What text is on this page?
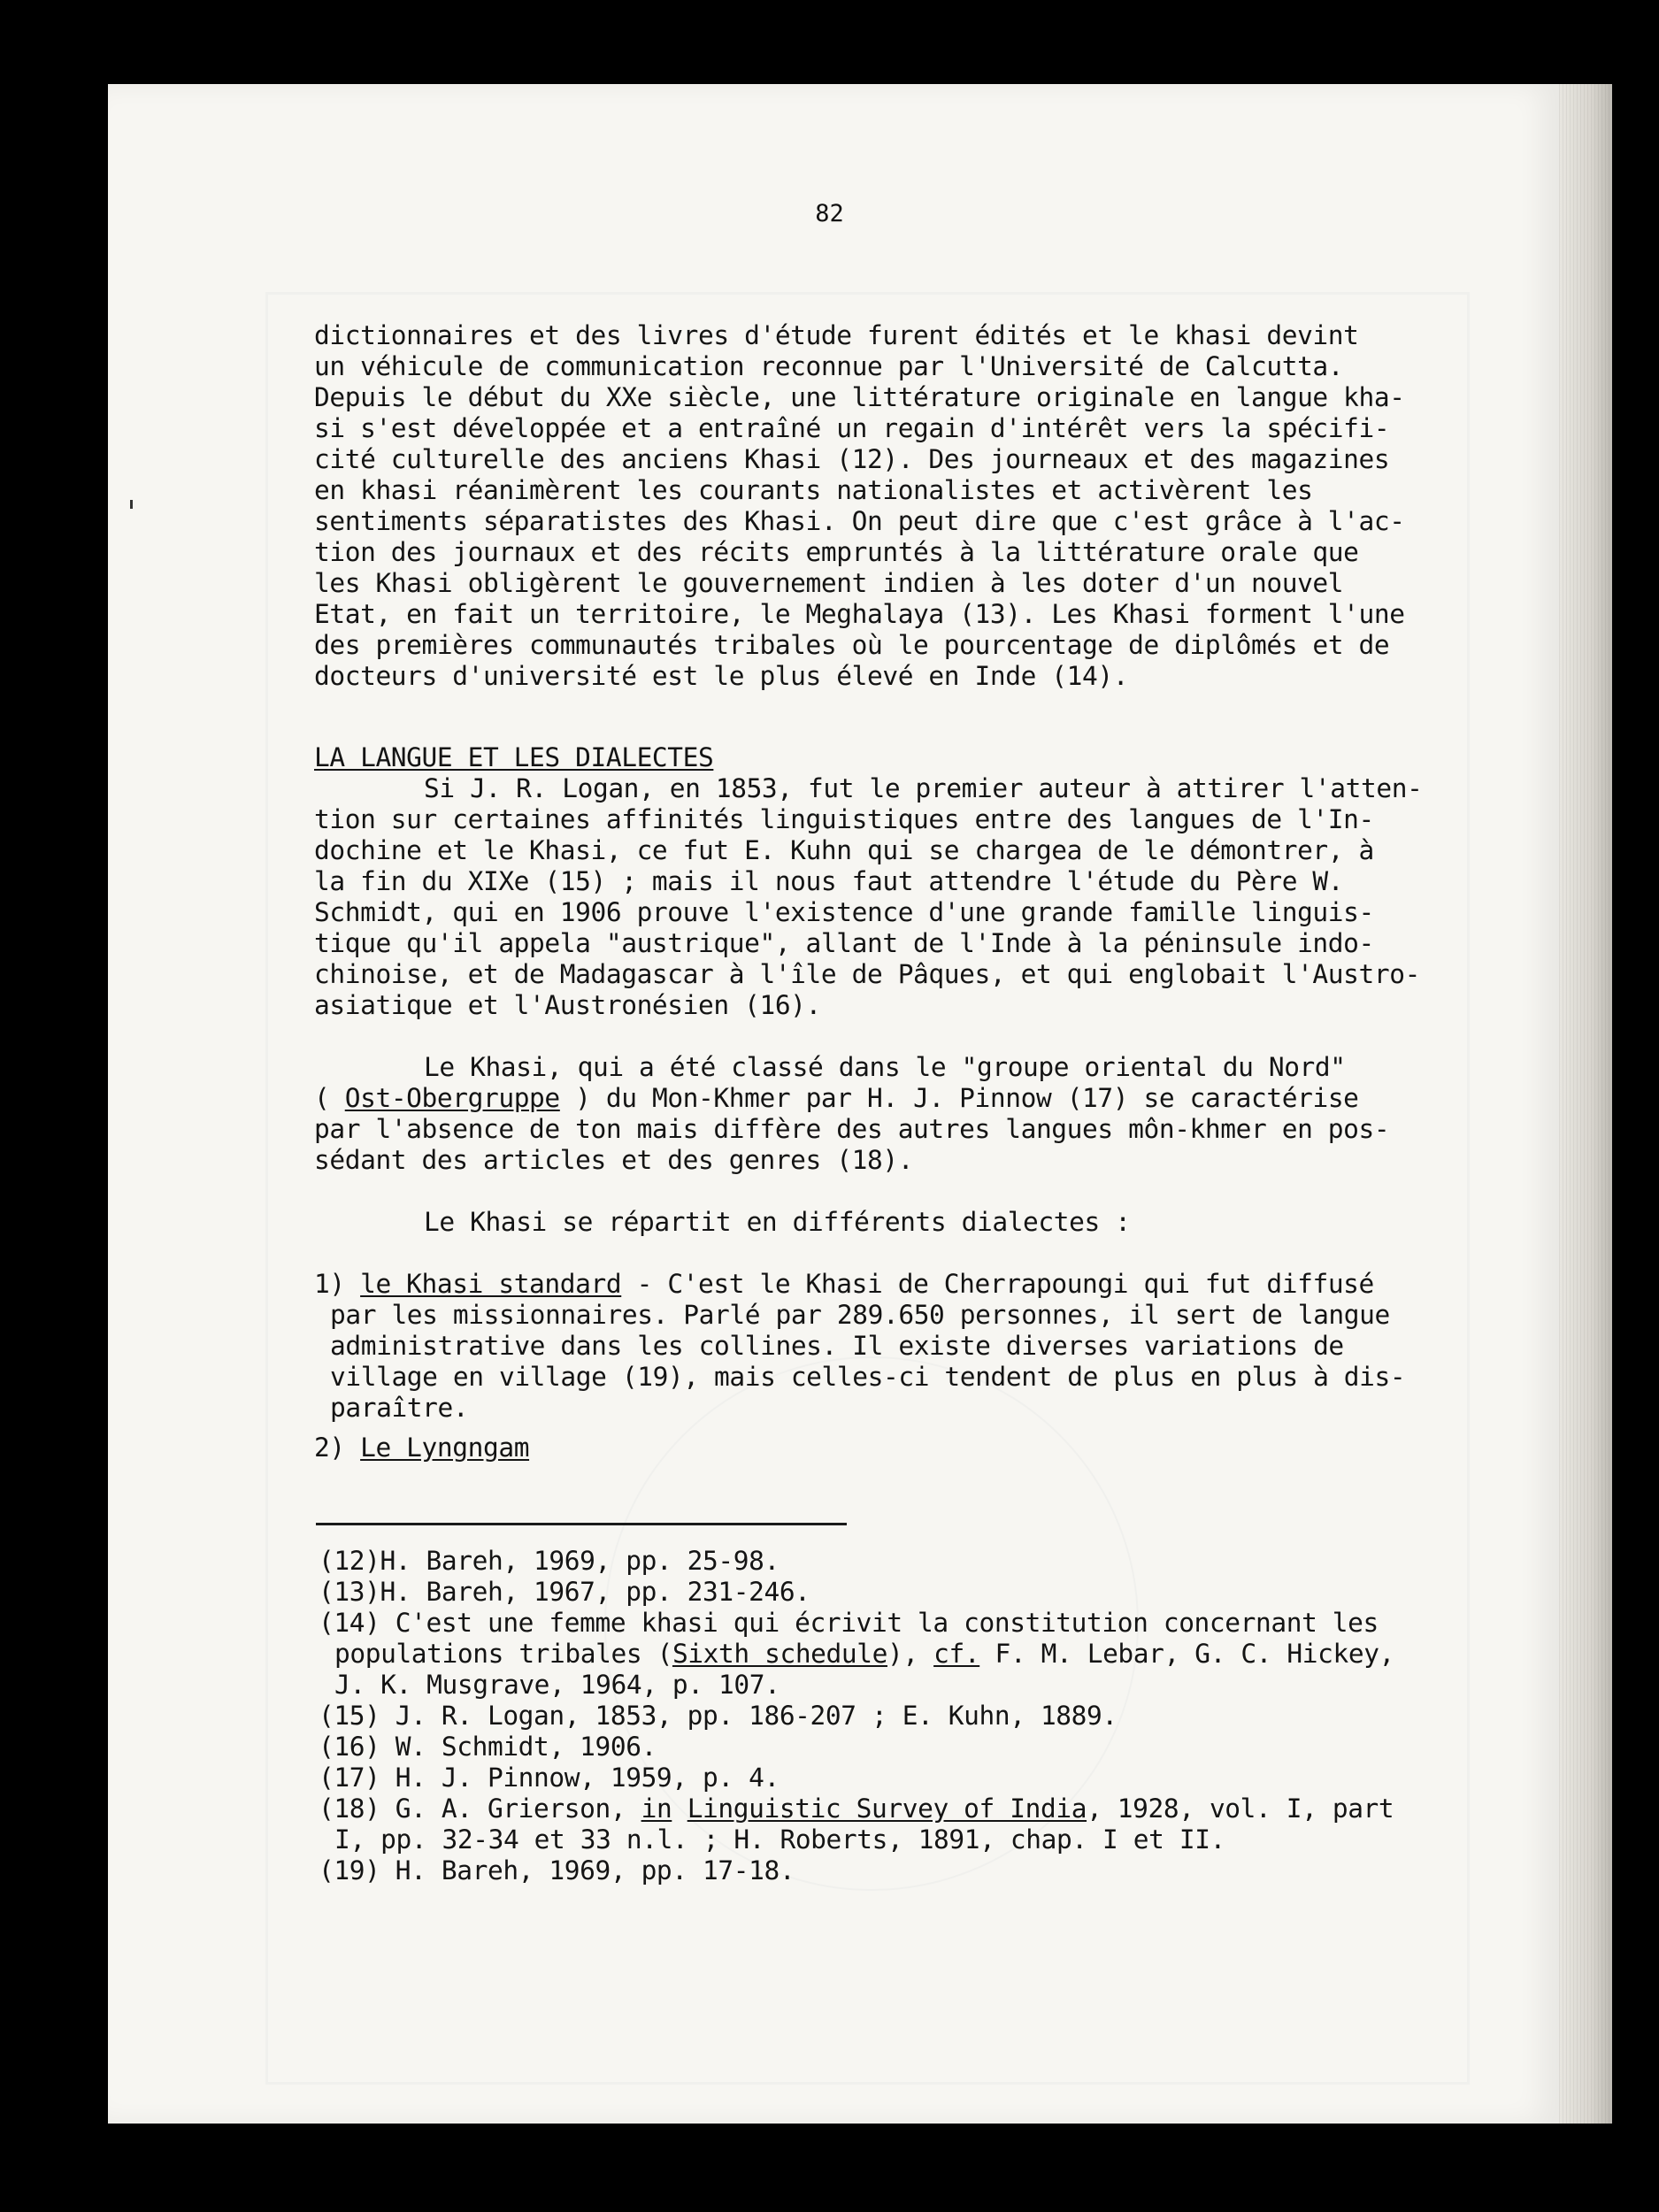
82
dictionnaires et des livres d'étude furent édités et le khasi devint
un véhicule de communication reconnue par l'Université de Calcutta.
Depuis le début du XXe siècle, une littérature originale en langue kha-
si s'est développée et a entraîné un regain d'intérêt vers la spécifi-
cité culturelle des anciens Khasi (12). Des journeaux et des magazines
en khasi réanimèrent les courants nationalistes et activèrent les
sentiments séparatistes des Khasi. On peut dire que c'est grâce à l'ac-
tion des journaux et des récits empruntés à la littérature orale que
les Khasi obligèrent le gouvernement indien à les doter d'un nouvel
Etat, en fait un territoire, le Meghalaya (13). Les Khasi forment l'une
des premières communautés tribales où le pourcentage de diplômés et de
docteurs d'université est le plus élevé en Inde (14).
LA LANGUE ET LES DIALECTES
Si J. R. Logan, en 1853, fut le premier auteur à attirer l'atten-
tion sur certaines affinités linguistiques entre des langues de l'In-
dochine et le Khasi, ce fut E. Kuhn qui se chargea de le démontrer, à
la fin du XIXe (15) ; mais il nous faut attendre l'étude du Père W.
Schmidt, qui en 1906 prouve l'existence d'une grande famille linguis-
tique qu'il appela "austrique", allant de l'Inde à la péninsule indo-
chinoise, et de Madagascar à l'île de Pâques, et qui englobait l'Austro-
asiatique et l'Austronésien (16).
Le Khasi, qui a été classé dans le "groupe oriental du Nord"
( Ost-Obergruppe ) du Mon-Khmer par H. J. Pinnow (17) se caractérise
par l'absence de ton mais diffère des autres langues môn-khmer en pos-
sédant des articles et des genres (18).
Le Khasi se répartit en différents dialectes :
1) le Khasi standard - C'est le Khasi de Cherrapoungi qui fut diffusé
par les missionnaires. Parlé par 289.650 personnes, il sert de langue
administrative dans les collines. Il existe diverses variations de
village en village (19), mais celles-ci tendent de plus en plus à dis-
paraître.
2) Le Lyngngam
(12)H. Bareh, 1969, pp. 25-98.
(13)H. Bareh, 1967, pp. 231-246.
(14) C'est une femme khasi qui écrivit la constitution concernant les
populations tribales (Sixth schedule), cf. F. M. Lebar, G. C. Hickey,
J. K. Musgrave, 1964, p. 107.
(15) J. R. Logan, 1853, pp. 186-207 ; E. Kuhn, 1889.
(16) W. Schmidt, 1906.
(17) H. J. Pinnow, 1959, p. 4.
(18) G. A. Grierson, in Linguistic Survey of India, 1928, vol. I, part
I, pp. 32-34 et 33 n.l. ; H. Roberts, 1891, chap. I et II.
(19) H. Bareh, 1969, pp. 17-18.
